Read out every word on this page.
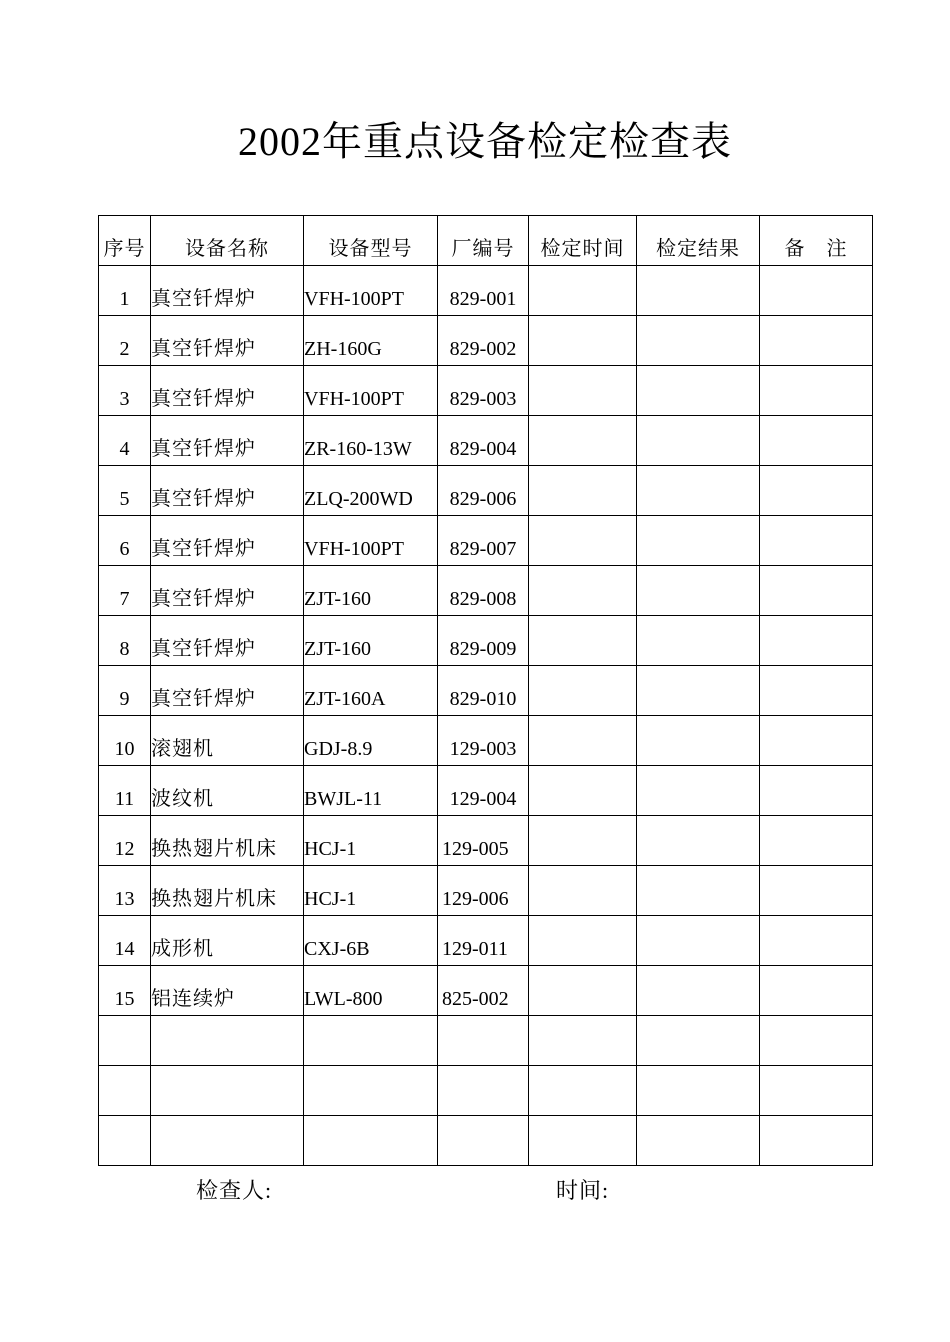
2002年重点设备检定检查表
序号	设备名称	设备型号	厂编号	检定时间	检定结果	备　注
1	真空钎焊炉	VFH-100PT	829-001			
2	真空钎焊炉	ZH-160G	829-002			
3	真空钎焊炉	VFH-100PT	829-003			
4	真空钎焊炉	ZR-160-13W	829-004			
5	真空钎焊炉	ZLQ-200WD	829-006			
6	真空钎焊炉	VFH-100PT	829-007			
7	真空钎焊炉	ZJT-160	829-008			
8	真空钎焊炉	ZJT-160	829-009			
9	真空钎焊炉	ZJT-160A	829-010			
10	滚翅机	GDJ-8.9	129-003			
11	波纹机	BWJL-11	129-004			
12	换热翅片机床	HCJ-1	129-005			
13	换热翅片机床	HCJ-1	129-006			
14	成形机	CXJ-6B	129-011			
15	铝连续炉	LWL-800	825-002			

检查人:	时间:
